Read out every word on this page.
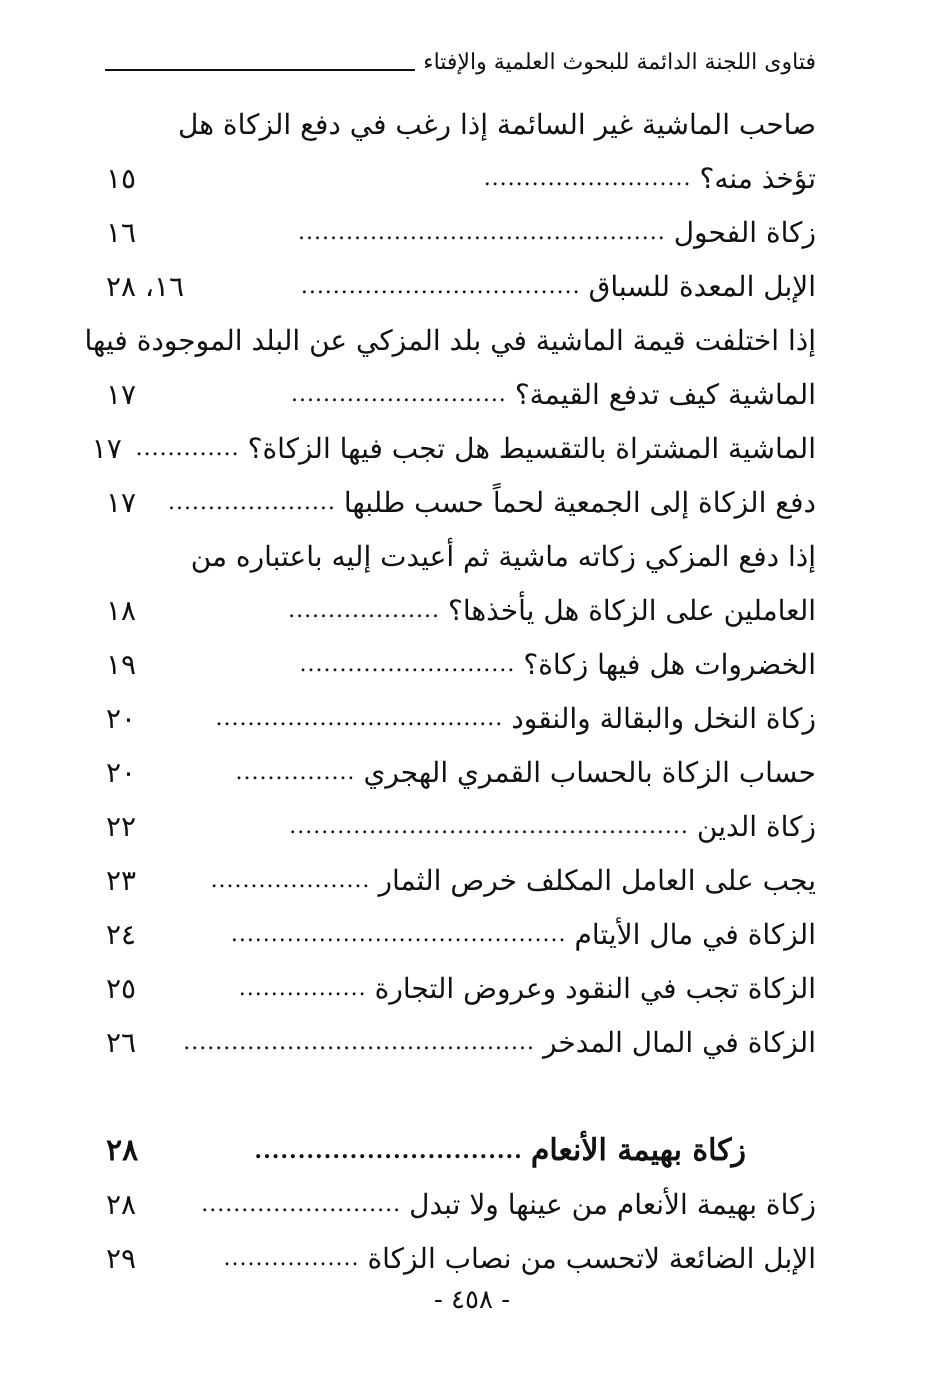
فتاوى اللجنة الدائمة للبحوث العلمية والإفتاء
صاحب الماشية غير السائمة إذا رغب في دفع الزكاة هل
تؤخذ منه؟
..........................
١٥
زكاة الفحول
..............................................
١٦
الإبل المعدة للسباق
...................................
١٦، ٢٨
إذا اختلفت قيمة الماشية في بلد المزكي عن البلد الموجودة فيها
الماشية كيف تدفع القيمة؟
...........................
١٧
الماشية المشتراة بالتقسيط هل تجب فيها الزكاة؟
.............
١٧
دفع الزكاة إلى الجمعية لحماً حسب طلبها
.....................
١٧
إذا دفع المزكي زكاته ماشية ثم أعيدت إليه باعتباره من
العاملين على الزكاة هل يأخذها؟
...................
١٨
الخضروات هل فيها زكاة؟
...........................
١٩
زكاة النخل والبقالة والنقود
....................................
٢٠
حساب الزكاة بالحساب القمري الهجري
...............
٢٠
زكاة الدين
..................................................
٢٢
يجب على العامل المكلف خرص الثمار
....................
٢٣
الزكاة في مال الأيتام
..........................................
٢٤
الزكاة تجب في النقود وعروض التجارة
................
٢٥
الزكاة في المال المدخر
............................................
٢٦
زكاة بهيمة الأنعام
...............................
٢٨
زكاة بهيمة الأنعام من عينها ولا تبدل
.........................
٢٨
الإبل الضائعة لاتحسب من نصاب الزكاة
.................
٢٩
- ٤٥٨ -
